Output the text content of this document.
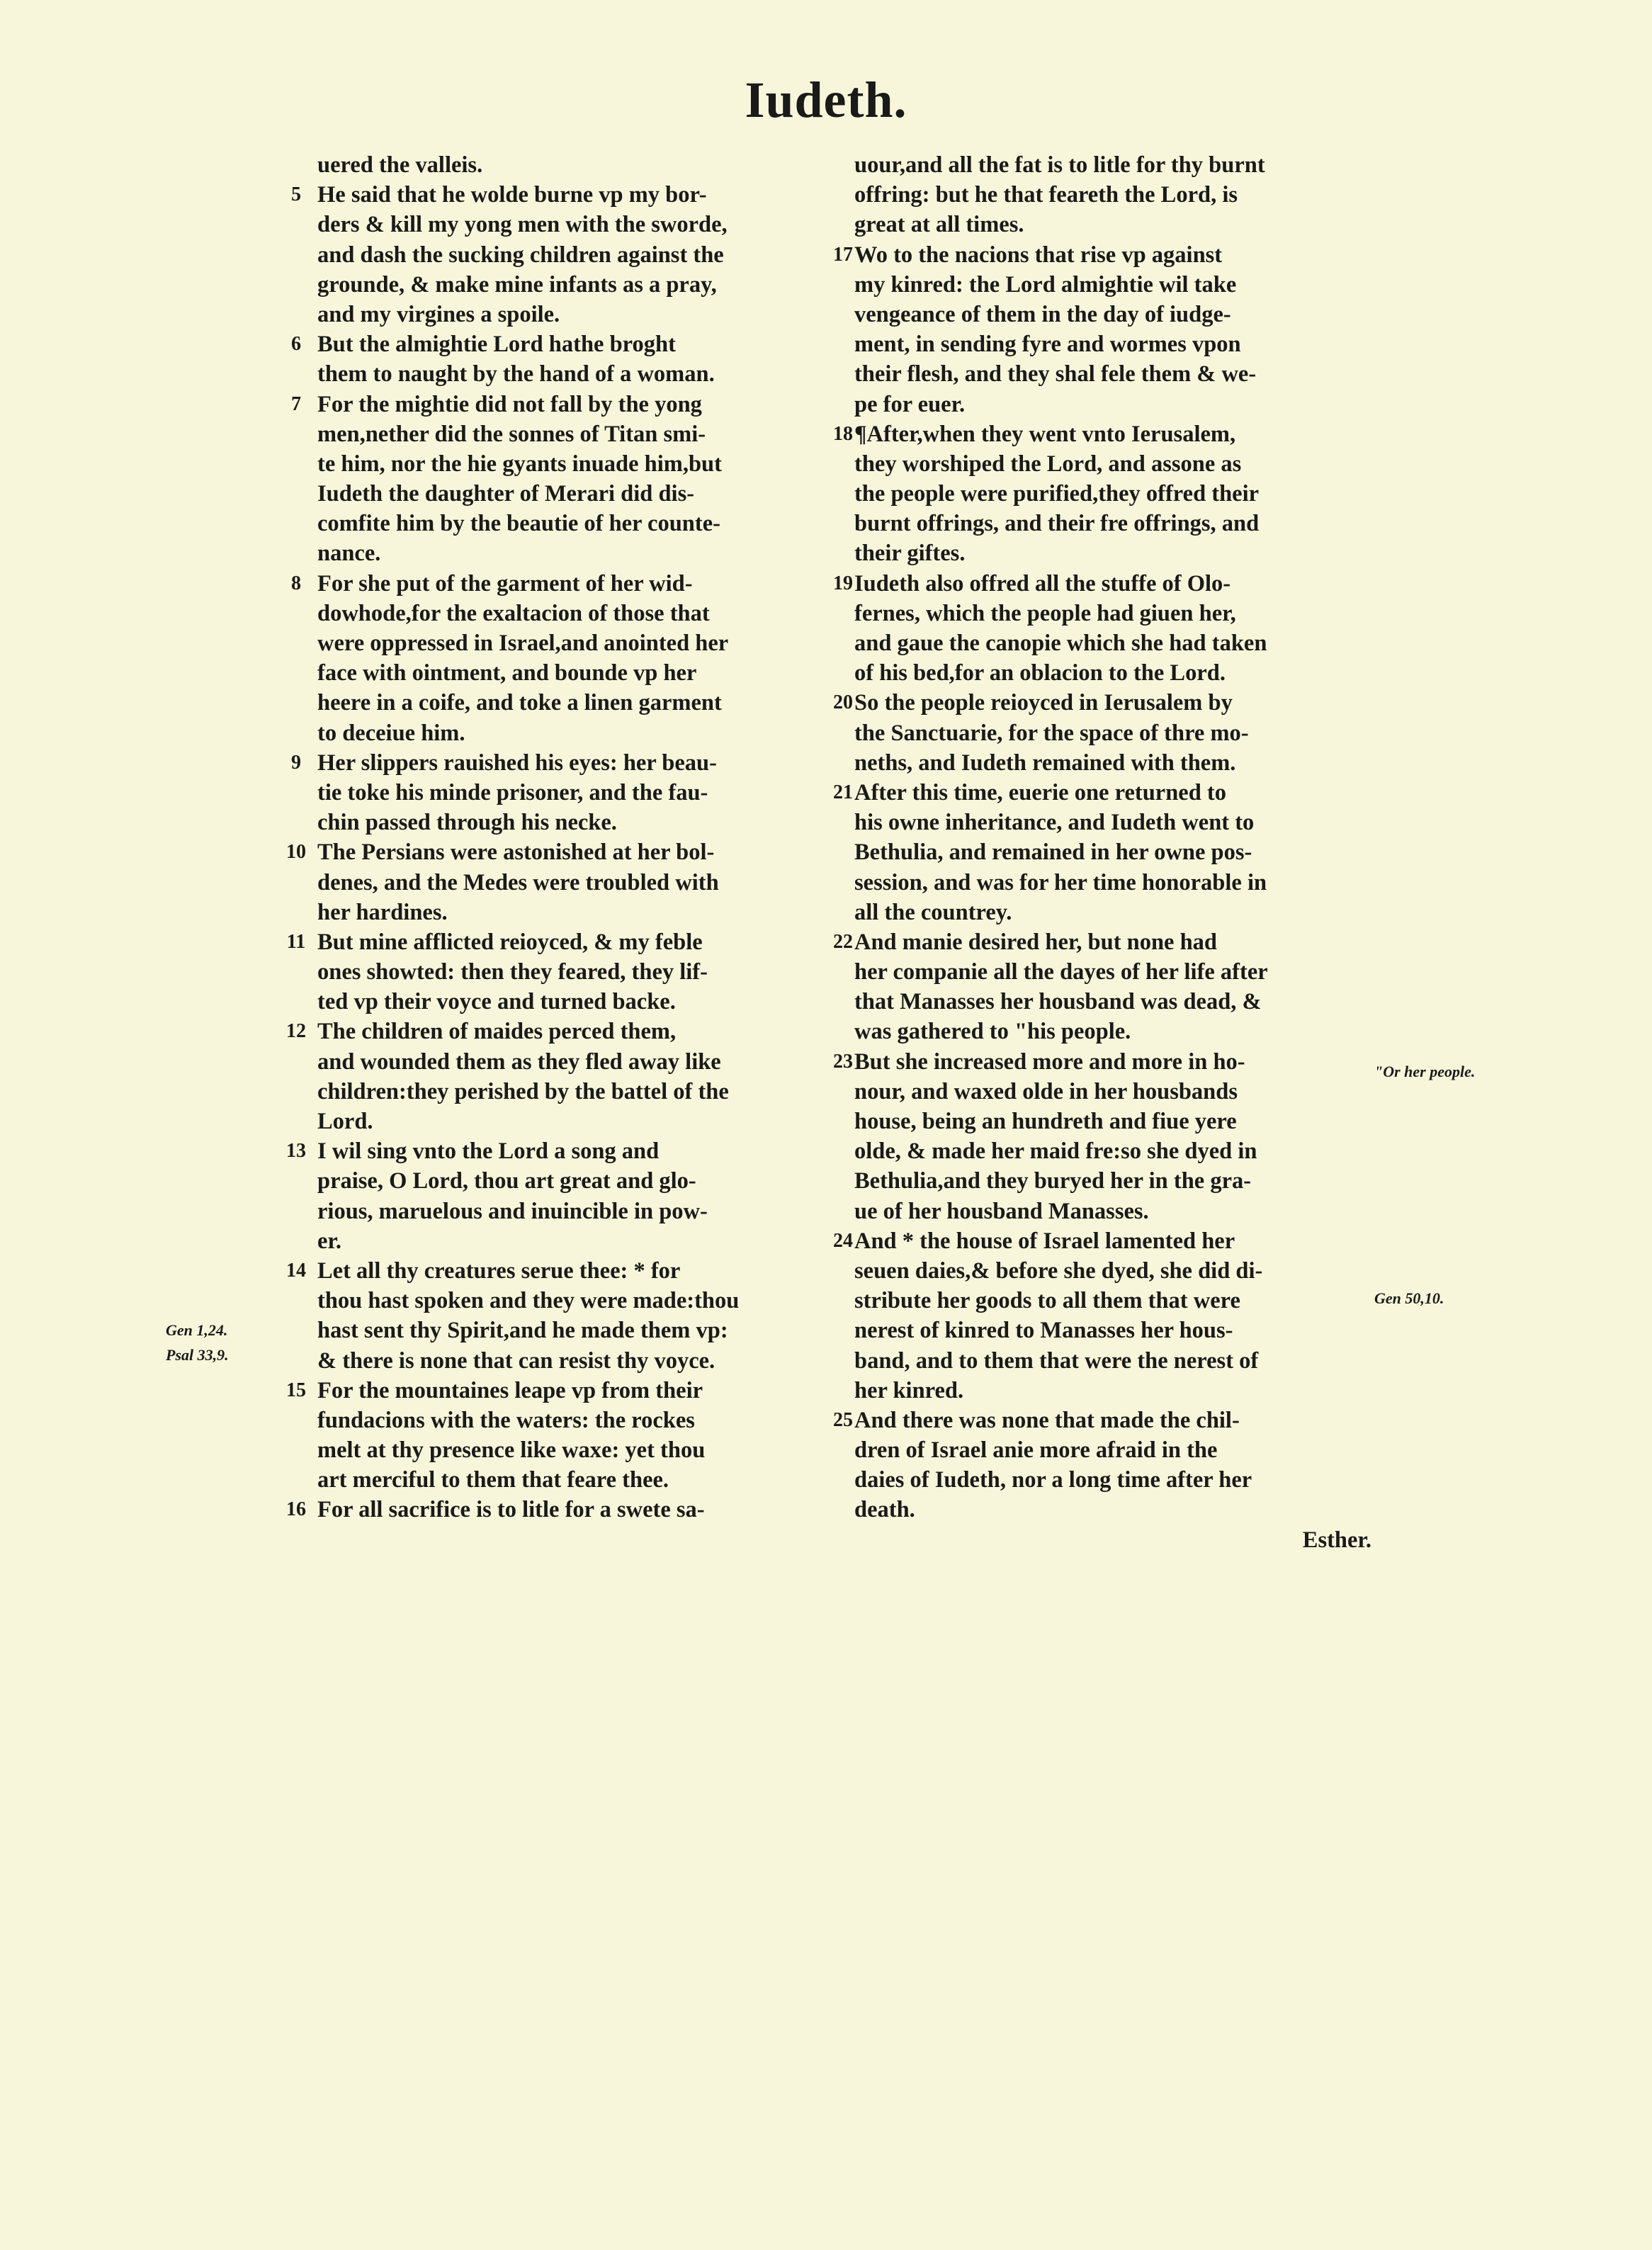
Iudeth.
uered the valleis.
5 He said that he wolde burne vp my bor-
ders & kill my yong men with the sworde,
and dash the sucking children against the
grounde, & make mine infants as a pray,
and my virgines a spoile.
6 But the almightie Lord hathe broght
them to naught by the hand of a woman.
7 For the mightie did not fall by the yong
men,nether did the sonnes of Titan smi-
te him, nor the hie gyants inuade him,but
Iudeth the daughter of Merari did dis-
comfite him by the beautie of her counte-
nance.
8 For she put of the garment of her wid-
dowhode,for the exaltacion of those that
were oppressed in Israel,and anointed her
face with ointment, and bounde vp her
heere in a coife, and toke a linen garment
to deceiue him.
9 Her slippers rauished his eyes: her beau-
tie toke his minde prisoner, and the fau-
chin passed through his necke.
10 The Persians were astonished at her bol-
denes, and the Medes were troubled with
her hardines.
11 But mine afflicted reioyced, & my feble
ones showted: then they feared, they lif-
ted vp their voyce and turned backe.
12 The children of maides perced them,
and wounded them as they fled away like
children:they perished by the battel of the
Lord.
13 I wil sing vnto the Lord a song and
praise, O Lord, thou art great and glo-
rious, maruelous and inuincible in pow-
er.
14 Let all thy creatures serue thee: * for
thou hast spoken and they were made:thou
hast sent thy Spirit,and he made them vp:
& there is none that can resist thy voyce.
15 For the mountaines leape vp from their
fundacions with the waters: the rockes
melt at thy presence like waxe: yet thou
art merciful to them that feare thee.
16 For all sacrifice is to litle for a swete sa-
uour,and all the fat is to litle for thy burnt
offring: but he that feareth the Lord, is
great at all times.
17 Wo to the nacions that rise vp against
my kinred: the Lord almightie wil take
vengeance of them in the day of iudge-
ment, in sending fyre and wormes vpon
their flesh, and they shal fele them & we-
pe for euer.
18 ¶After,when they went vnto Ierusalem,
they worshiped the Lord, and assone as
the people were purified,they offred their
burnt offrings, and their fre offrings, and
their giftes.
19 Iudeth also offred all the stuffe of Olo-
fernes, which the people had giuen her,
and gaue the canopie which she had taken
of his bed,for an oblacion to the Lord.
20 So the people reioyced in Ierusalem by
the Sanctuarie, for the space of thre mo-
neths, and Iudeth remained with them.
21 After this time, euerie one returned to
his owne inheritance, and Iudeth went to
Bethulia, and remained in her owne pos-
session, and was for her time honorable in
all the countrey.
22 And manie desired her, but none had
her companie all the dayes of her life after
that Manasses her housband was dead, &
was gathered to "his people.
23 But she increased more and more in ho-
nour, and waxed olde in her housbands
house, being an hundreth and fiue yere
olde, & made her maid fre:so she dyed in
Bethulia,and they buryed her in the gra-
ue of her housband Manasses.
24 And * the house of Israel lamented her
seuen daies,& before she dyed, she did di-
stribute her goods to all them that were
nerest of kinred to Manasses her hous-
band, and to them that were the nerest of
her kinred.
25 And there was none that made the chil-
dren of Israel anie more afraid in the
daies of Iudeth, nor a long time after her
death.
Esther.
Gen 1,24.
Psal 33,9.
"Or her people.
Gen 50,10.
